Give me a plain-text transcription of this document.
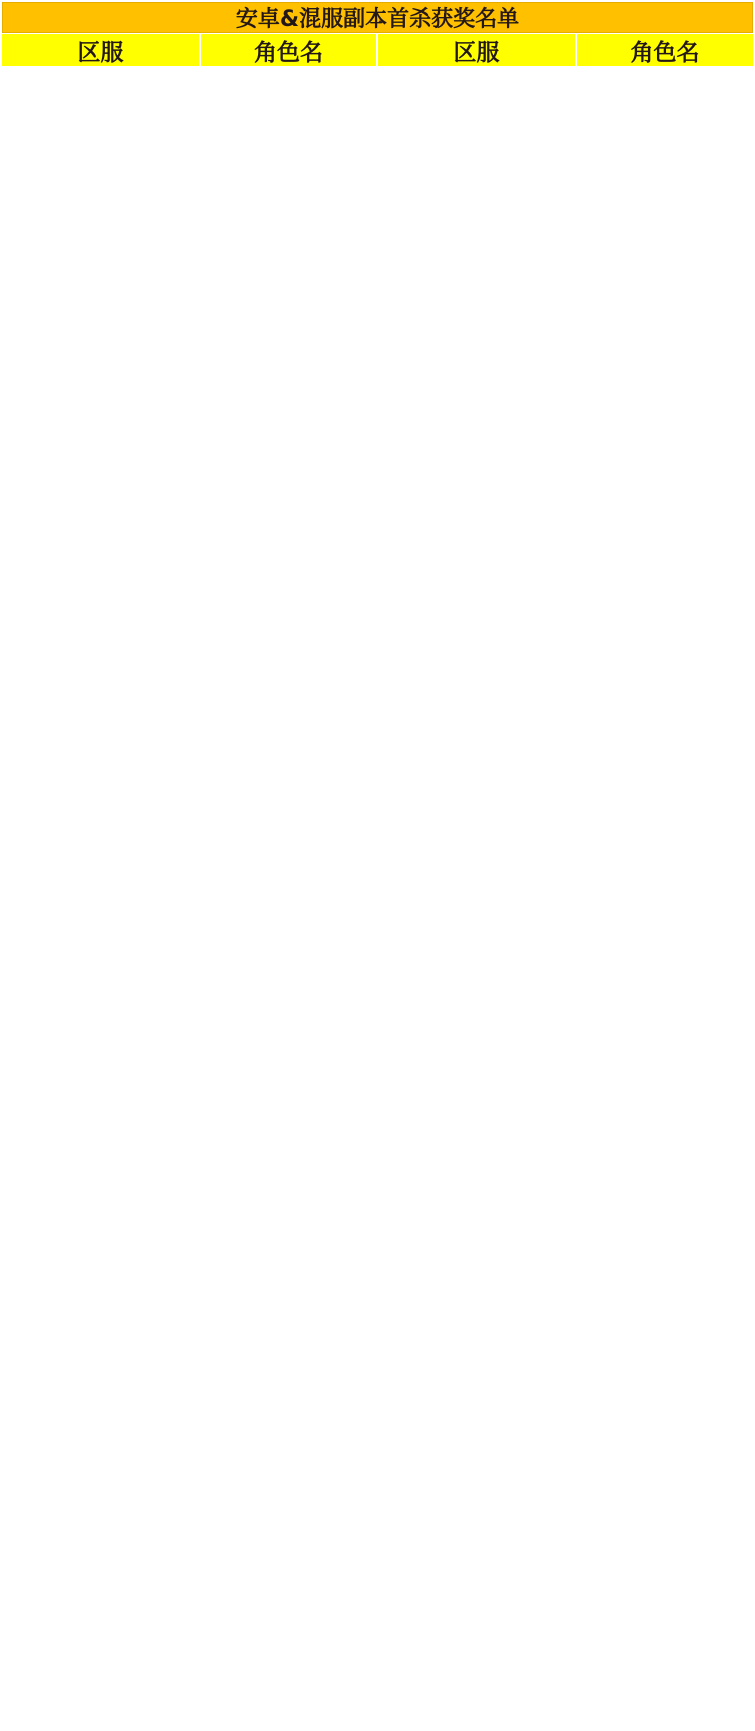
安卓&混服副本首杀获奖名单
区服	角色名	区服	角色名
